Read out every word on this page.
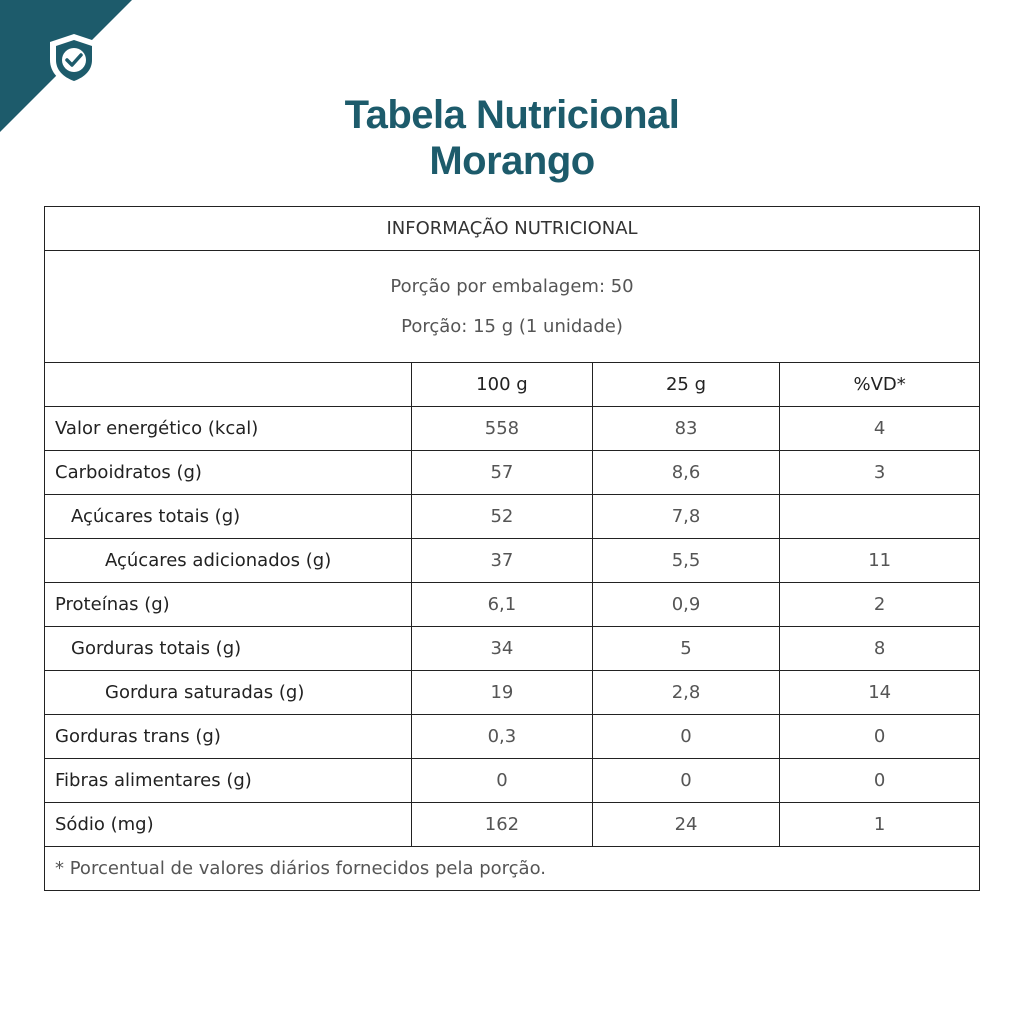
COMPRA
SEGURA	Tabela Nutricional
Morango
INFORMAÇÃO NUTRICIONAL			

Porção por embalagem: 50
Porção: 15 g (1 unidade)			

	100 g	25 g	%VD*
Valor energético (kcal)	558	83	4
Carboidratos (g)	57	8,6	3
Açúcares totais (g)	52	7,8	
Açúcares adicionados (g)	37	5,5	11
Proteínas (g)	6,1	0,9	2
Gorduras totais (g)	34	5	8
Gordura saturadas (g)	19	2,8	14
Gorduras trans (g)	0,3	0	0
Fibras alimentares (g)	0	0	0
Sódio (mg)	162	24	1
* Porcentual de valores diários fornecidos pela porção.			
